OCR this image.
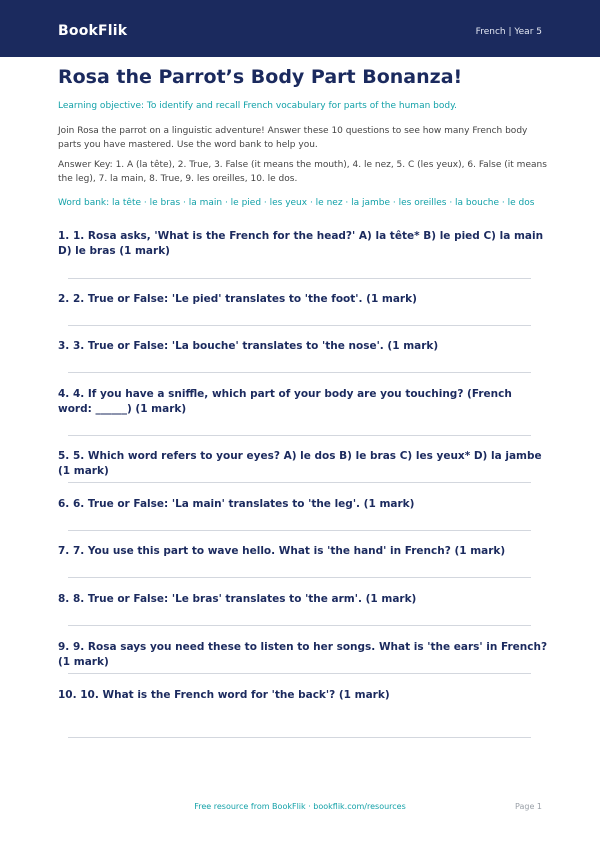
BookFlik	French | Year 5
Rosa the Parrot’s Body Part Bonanza!
Learning objective: To identify and recall French vocabulary for parts of the human body.
Join Rosa the parrot on a linguistic adventure! Answer these 10 questions to see how many French body parts you have mastered. Use the word bank to help you.
Answer Key: 1. A (la tête), 2. True, 3. False (it means the mouth), 4. le nez, 5. C (les yeux), 6. False (it means the leg), 7. la main, 8. True, 9. les oreilles, 10. le dos.
Word bank: la tête · le bras · la main · le pied · les yeux · le nez · la jambe · les oreilles · la bouche · le dos
1. 1. Rosa asks, 'What is the French for the head?' A) la tête* B) le pied C) la main D) le bras (1 mark)
2. 2. True or False: 'Le pied' translates to 'the foot'. (1 mark)
3. 3. True or False: 'La bouche' translates to 'the nose'. (1 mark)
4. 4. If you have a sniffle, which part of your body are you touching? (French word: ______) (1 mark)
5. 5. Which word refers to your eyes? A) le dos B) le bras C) les yeux* D) la jambe (1 mark)
6. 6. True or False: 'La main' translates to 'the leg'. (1 mark)
7. 7. You use this part to wave hello. What is 'the hand' in French? (1 mark)
8. 8. True or False: 'Le bras' translates to 'the arm'. (1 mark)
9. 9. Rosa says you need these to listen to her songs. What is 'the ears' in French? (1 mark)
10. 10. What is the French word for 'the back'? (1 mark)
Free resource from BookFlik · bookflik.com/resources	Page 1
